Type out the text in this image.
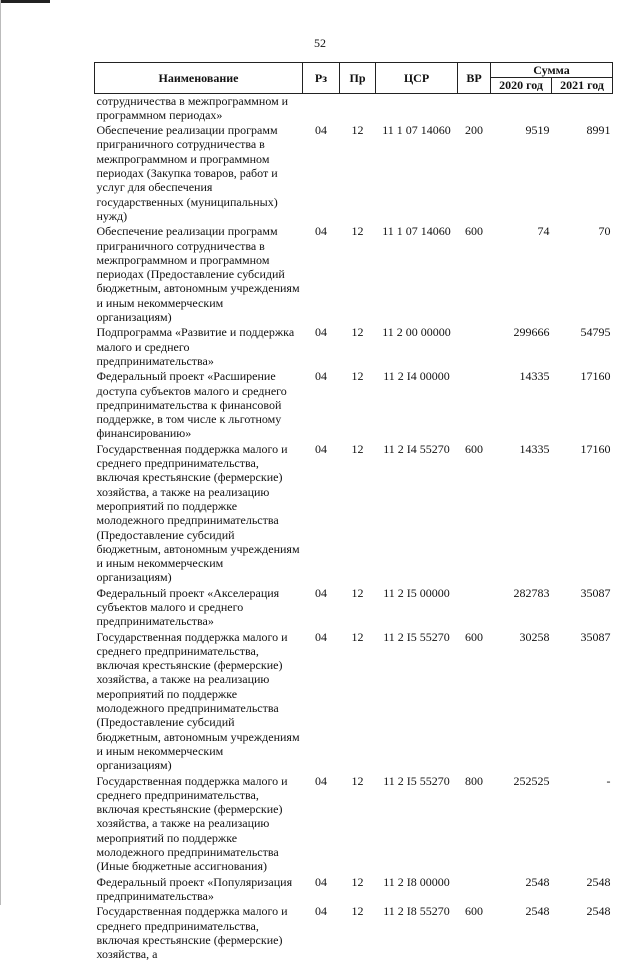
52
Наименование	Рз	Пр	ЦСР	ВР	Сумма	
					2020 год	2021 год
сотрудничества в межпрограммном и программном периодах»						
Обеспечение реализации программ приграничного сотрудничества в межпрограммном и программном периодах (Закупка товаров, работ и услуг для обеспечения государственных (муниципальных) нужд)	04	12	11 1 07 14060	200	9519	8991
Обеспечение реализации программ приграничного сотрудничества в межпрограммном и программном периодах (Предоставление субсидий бюджетным, автономным учреждениям и иным некоммерческим организациям)	04	12	11 1 07 14060	600	74	70
Подпрограмма «Развитие и поддержка малого и среднего предпринимательства»	04	12	11 2 00 00000		299666	54795
Федеральный проект «Расширение доступа субъектов малого и среднего предпринимательства к финансовой поддержке, в том числе к льготному финансированию»	04	12	11 2 I4 00000		14335	17160
Государственная поддержка малого и среднего предпринимательства, включая крестьянские (фермерские) хозяйства, а также на реализацию мероприятий по поддержке молодежного предпринимательства (Предоставление субсидий бюджетным, автономным учреждениям и иным некоммерческим организациям)	04	12	11 2 I4 55270	600	14335	17160
Федеральный проект «Акселерация субъектов малого и среднего предпринимательства»	04	12	11 2 I5 00000		282783	35087
Государственная поддержка малого и среднего предпринимательства, включая крестьянские (фермерские) хозяйства, а также на реализацию мероприятий по поддержке молодежного предпринимательства (Предоставление субсидий бюджетным, автономным учреждениям и иным некоммерческим организациям)	04	12	11 2 I5 55270	600	30258	35087
Государственная поддержка малого и среднего предпринимательства, включая крестьянские (фермерские) хозяйства, а также на реализацию мероприятий по поддержке молодежного предпринимательства (Иные бюджетные ассигнования)	04	12	11 2 I5 55270	800	252525	-
Федеральный проект «Популяризация предпринимательства»	04	12	11 2 I8 00000		2548	2548
Государственная поддержка малого и среднего предпринимательства, включая крестьянские (фермерские) хозяйства, а	04	12	11 2 I8 55270	600	2548	2548
